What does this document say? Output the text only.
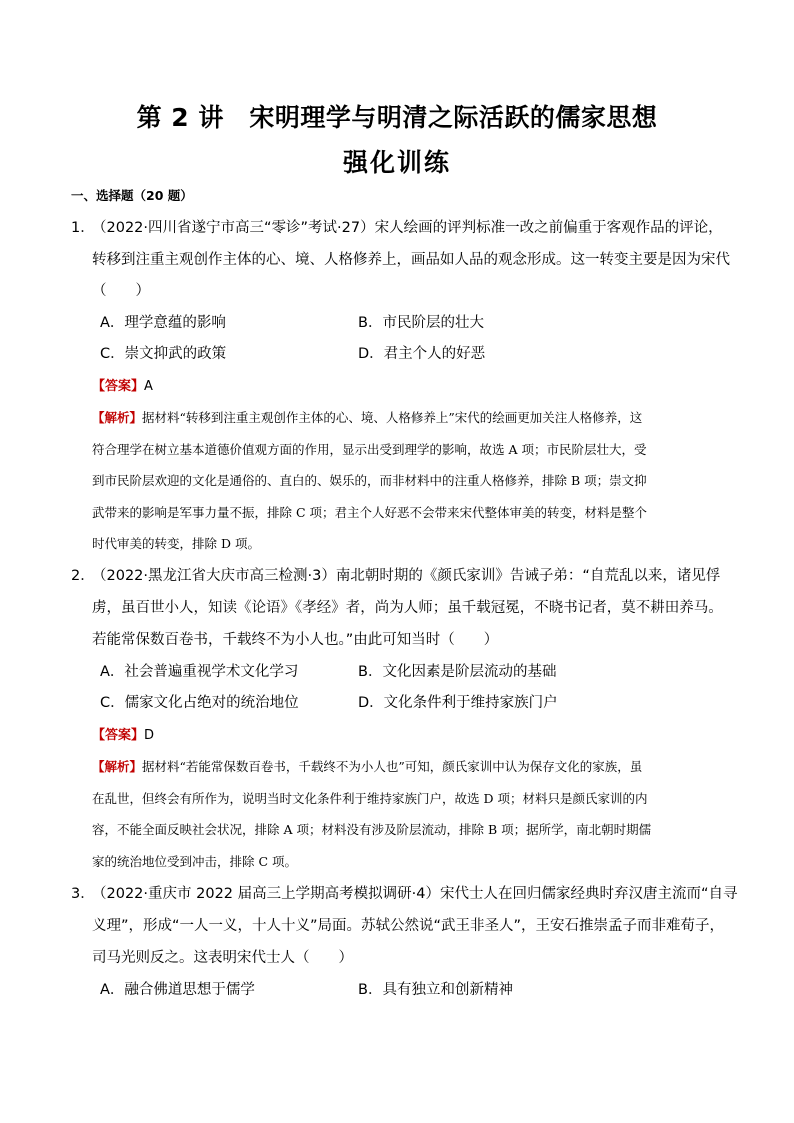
第 2 讲　宋明理学与明清之际活跃的儒家思想
强化训练
一、选择题（20 题）
1．
（2022·四川省遂宁市高三“零诊”考试·27）宋人绘画的评判标准一改之前偏重于客观作品的评论，
转移到注重主观创作主体的心、境、人格修养上，画品如人品的观念形成。这一转变主要是因为宋代
（　　）
A．理学意蕴的影响	B．市民阶层的壮大
C．崇文抑武的政策	D．君主个人的好恶
【答案】A
【解析】据材料“转移到注重主观创作主体的心、境、人格修养上”宋代的绘画更加关注人格修养，这
符合理学在树立基本道德价值观方面的作用，显示出受到理学的影响，故选 A 项；市民阶层壮大，受
到市民阶层欢迎的文化是通俗的、直白的、娱乐的，而非材料中的注重人格修养，排除 B 项；崇文抑
武带来的影响是军事力量不振，排除 C 项；君主个人好恶不会带来宋代整体审美的转变，材料是整个
时代审美的转变，排除 D 项。
2．
（2022·黑龙江省大庆市高三检测·3）南北朝时期的《颜氏家训》告诫子弟：“自荒乱以来，诸见俘
虏，虽百世小人，知读《论语》《孝经》者，尚为人师；虽千载冠冕，不晓书记者，莫不耕田养马。
若能常保数百卷书，千载终不为小人也。”由此可知当时（　　）
A．社会普遍重视学术文化学习	B．文化因素是阶层流动的基础
C．儒家文化占绝对的统治地位	D．文化条件利于维持家族门户
【答案】D
【解析】据材料“若能常保数百卷书，千载终不为小人也”可知，颜氏家训中认为保存文化的家族，虽
在乱世，但终会有所作为，说明当时文化条件利于维持家族门户，故选 D 项；材料只是颜氏家训的内
容，不能全面反映社会状况，排除 A 项；材料没有涉及阶层流动，排除 B 项；据所学，南北朝时期儒
家的统治地位受到冲击，排除 C 项。
3．
（2022·重庆市 2022 届高三上学期高考模拟调研·4）宋代士人在回归儒家经典时弃汉唐主流而“自寻
义理”，形成“一人一义，十人十义”局面。苏轼公然说“武王非圣人”，王安石推崇孟子而非难荀子，
司马光则反之。这表明宋代士人（　　）
A．融合佛道思想于儒学	B．具有独立和创新精神
